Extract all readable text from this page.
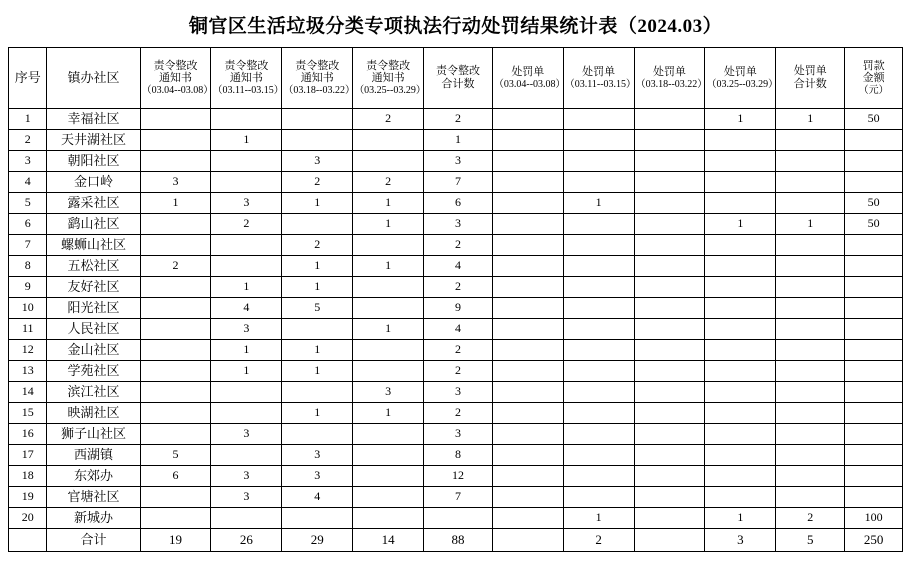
铜官区生活垃圾分类专项执法行动处罚结果统计表（2024.03）
序号	镇办社区	责令整改
通知书
（03.04--03.08）	责令整改
通知书
（03.11--03.15）	责令整改
通知书
（03.18--03.22）	责令整改
通知书
（03.25--03.29）	责令整改
合计数	处罚单
（03.04--03.08）	处罚单
（03.11--03.15）	处罚单
（03.18--03.22）	处罚单
（03.25--03.29）	处罚单
合计数	罚款
金额
（元）

1	幸福社区				2	2				1	1	50
2	天井湖社区		1			1						
3	朝阳社区			3		3						
4	金口岭	3		2	2	7						
5	露采社区	1	3	1	1	6		1				50
6	鹞山社区		2		1	3				1	1	50
7	螺蛳山社区			2		2						
8	五松社区	2		1	1	4						
9	友好社区		1	1		2						
10	阳光社区		4	5		9						
11	人民社区		3		1	4						
12	金山社区		1	1		2						
13	学苑社区		1	1		2						
14	滨江社区				3	3						
15	映湖社区			1	1	2						
16	狮子山社区		3			3						
17	西湖镇	5		3		8						
18	东郊办	6	3	3		12						
19	官塘社区		3	4		7						
20	新城办							1		1	2	100
	合计	19	26	29	14	88		2		3	5	250
